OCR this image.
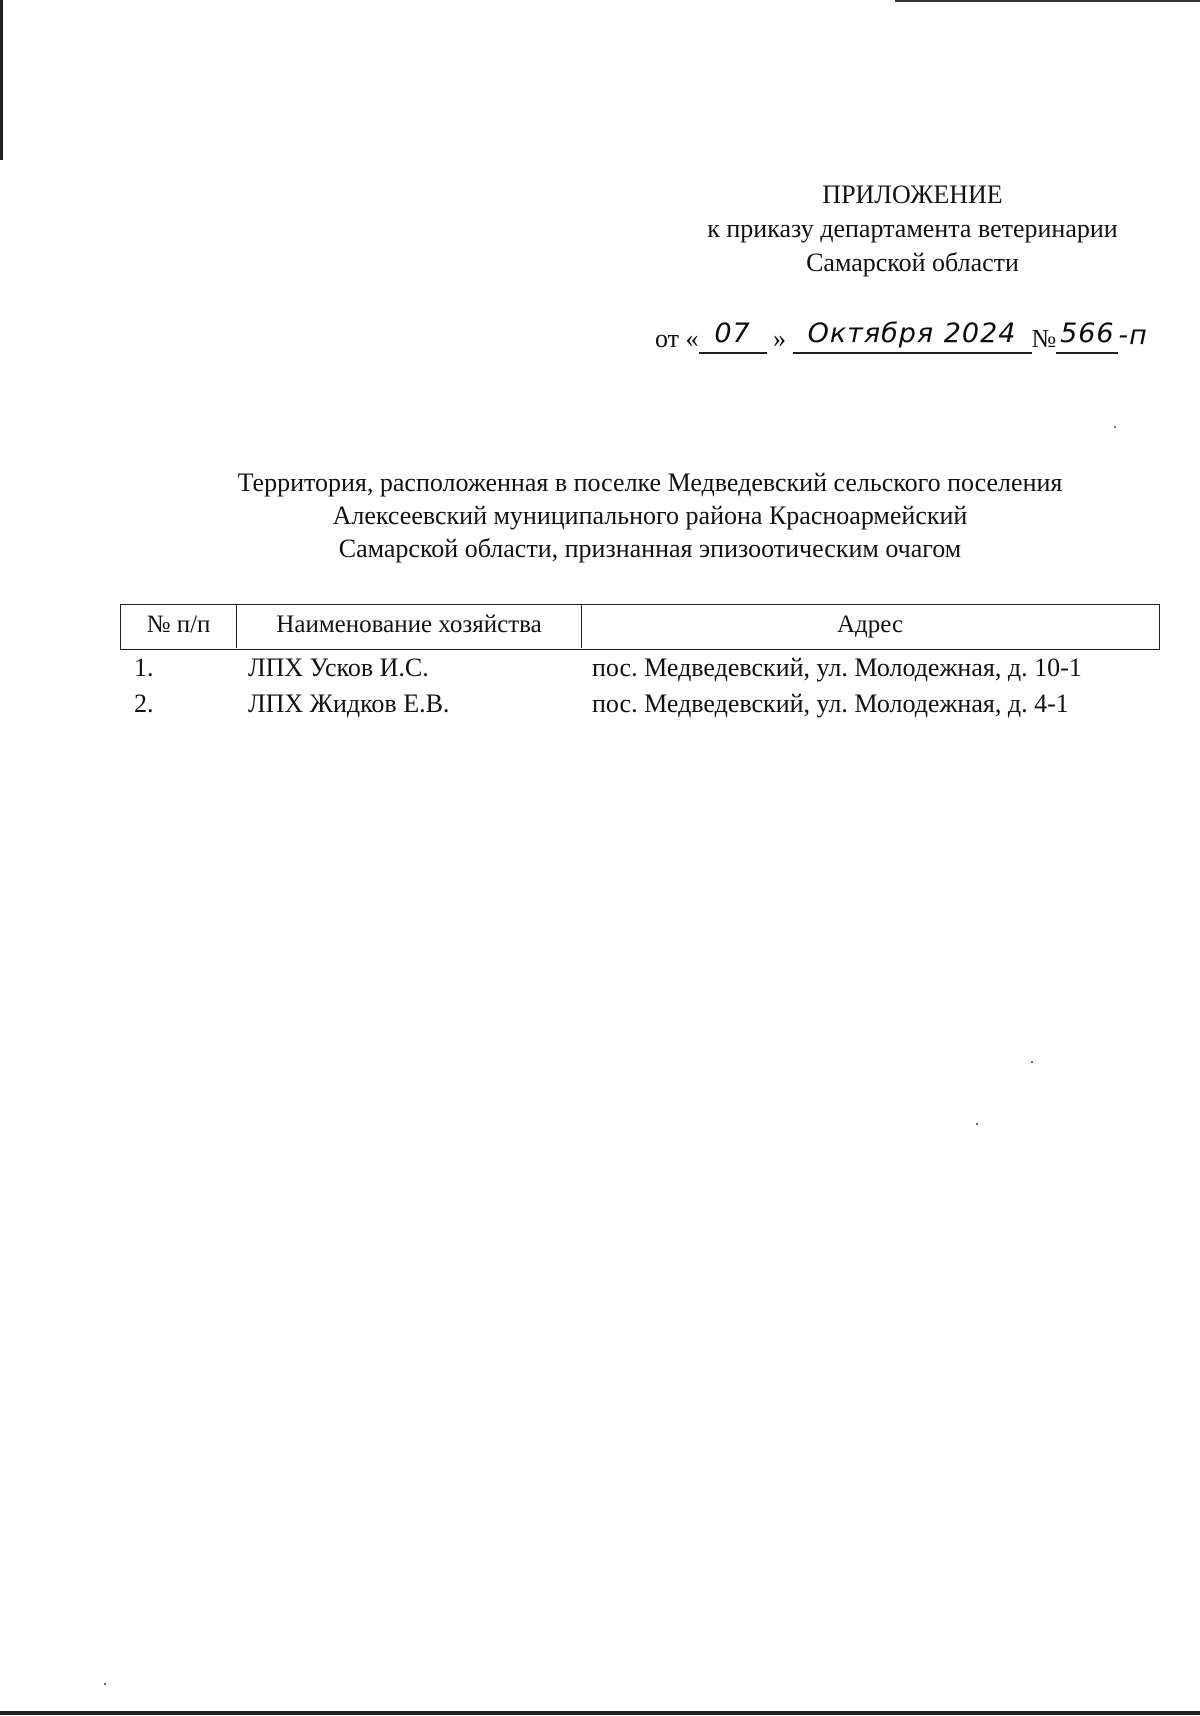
ПРИЛОЖЕНИЕ
к приказу департамента ветеринарии
Самарской области
от « 07 » Октября 2024 № 566 -п
Территория, расположенная в поселке Медведевский сельского поселения
Алексеевский муниципального района Красноармейский
Самарской области, признанная эпизоотическим очагом
№ п/п	Наименование хозяйства	Адрес
1.	ЛПХ Усков И.С.	пос. Медведевский, ул. Молодежная, д. 10-1
2.	ЛПХ Жидков Е.В.	пос. Медведевский, ул. Молодежная, д. 4-1
